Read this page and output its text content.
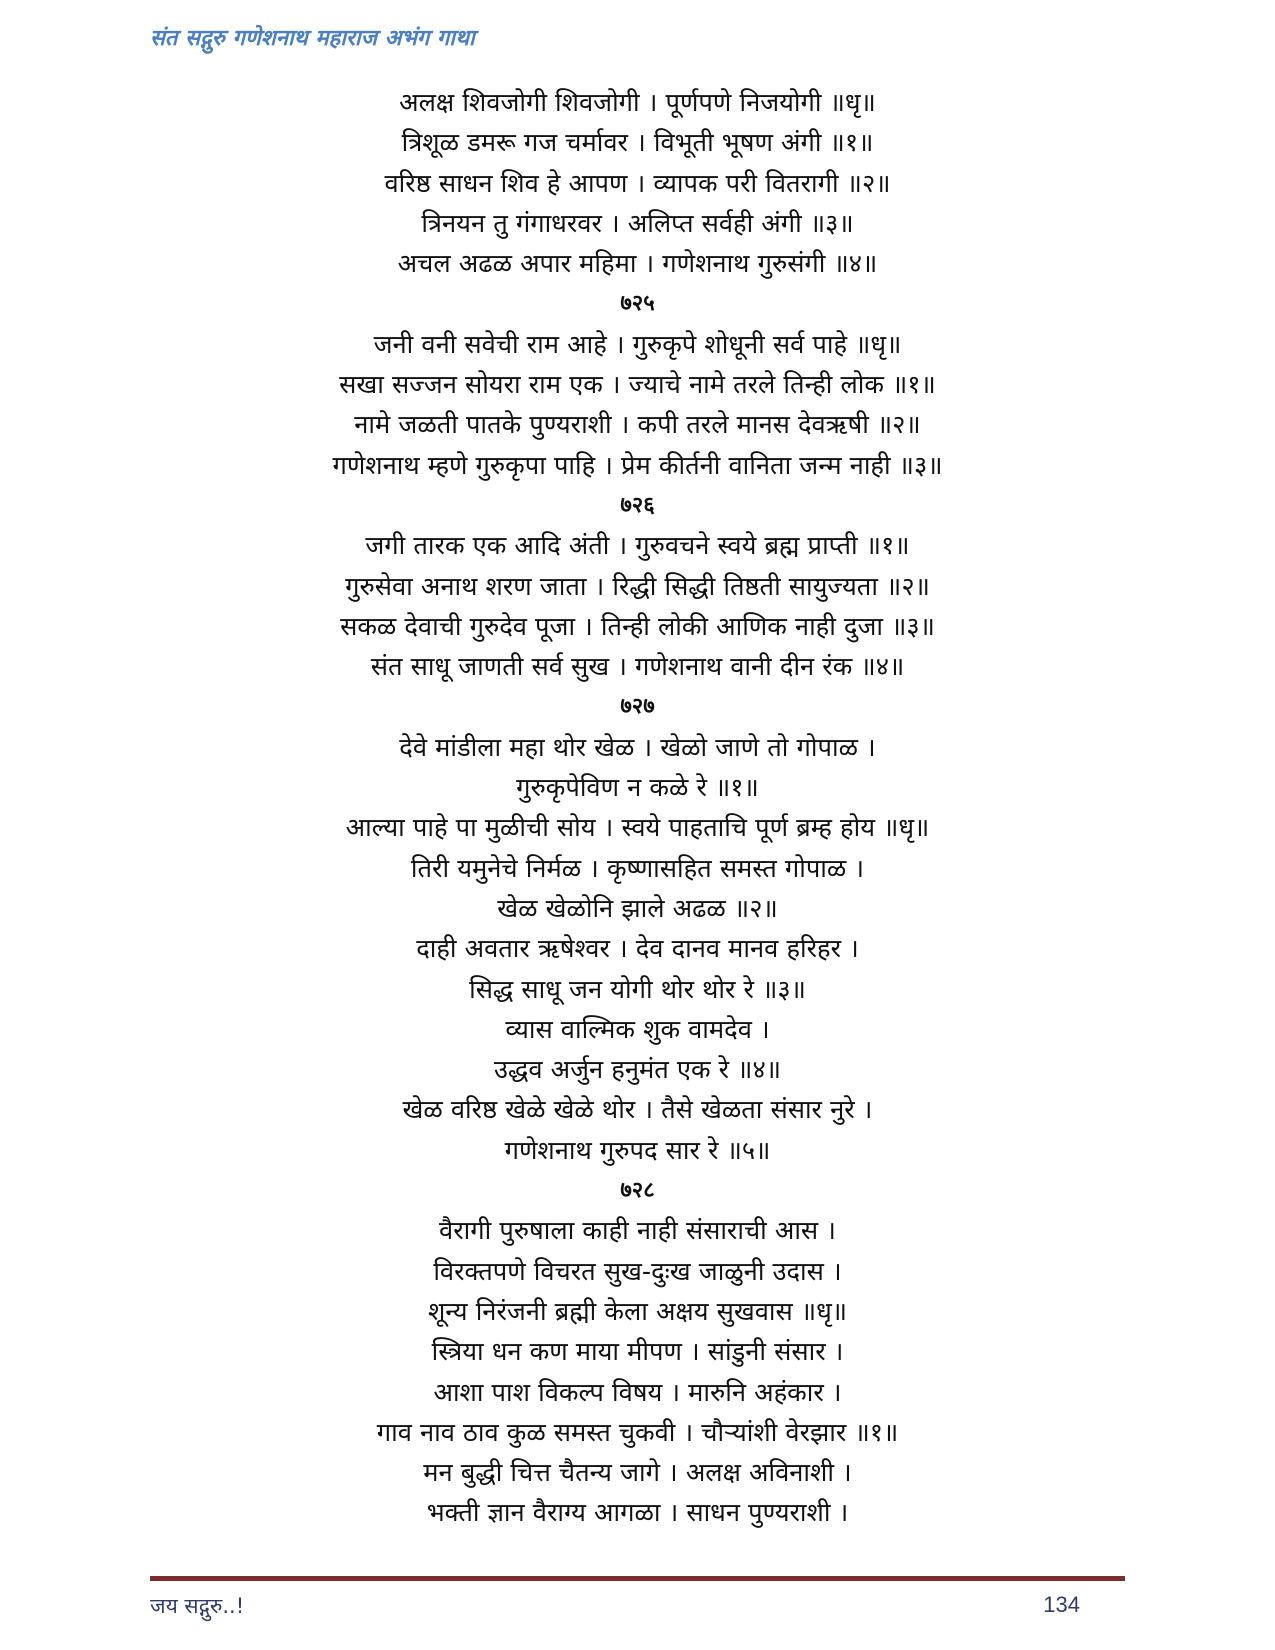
संत सद्गुरु गणेशनाथ महाराज अभंग गाथा
अलक्ष शिवजोगी शिवजोगी । पूर्णपणे निजयोगी ॥धृ॥
त्रिशूळ डमरू गज चर्मावर । विभूती भूषण अंगी ॥१॥
वरिष्ठ साधन शिव हे आपण । व्यापक परी वितरागी ॥२॥
त्रिनयन तु गंगाधरवर । अलिप्त सर्वही अंगी ॥३॥
अचल अढळ अपार महिमा । गणेशनाथ गुरुसंगी ॥४॥
७२५
जनी वनी सवेची राम आहे । गुरुकृपे शोधूनी सर्व पाहे ॥धृ॥
सखा सज्जन सोयरा राम एक । ज्याचे नामे तरले तिन्ही लोक ॥१॥
नामे जळती पातके पुण्यराशी । कपी तरले मानस देवऋषी ॥२॥
गणेशनाथ म्हणे गुरुकृपा पाहि । प्रेम कीर्तनी वानिता जन्म नाही ॥३॥
७२६
जगी तारक एक आदि अंती । गुरुवचने स्वये ब्रह्म प्राप्ती ॥१॥
गुरुसेवा अनाथ शरण जाता । रिद्धी सिद्धी तिष्ठती सायुज्यता ॥२॥
सकळ देवाची गुरुदेव पूजा । तिन्ही लोकी आणिक नाही दुजा ॥३॥
संत साधू जाणती सर्व सुख । गणेशनाथ वानी दीन रंक ॥४॥
७२७
देवे मांडीला महा थोर खेळ । खेळो जाणे तो गोपाळ ।
गुरुकृपेविण न कळे रे ॥१॥
आल्या पाहे पा मुळीची सोय । स्वये पाहताचि पूर्ण ब्रम्ह होय ॥धृ॥
तिरी यमुनेचे निर्मळ । कृष्णासहित समस्त गोपाळ ।
खेळ खेळोनि झाले अढळ ॥२॥
दाही अवतार ऋषेश्वर । देव दानव मानव हरिहर ।
सिद्ध साधू जन योगी थोर थोर रे ॥३॥
व्यास वाल्मिक शुक वामदेव ।
उद्धव अर्जुन हनुमंत एक रे ॥४॥
खेळ वरिष्ठ खेळे खेळे थोर । तैसे खेळता संसार नुरे ।
गणेशनाथ गुरुपद सार रे ॥५॥
७२८
वैरागी पुरुषाला काही नाही संसाराची आस ।
विरक्तपणे विचरत सुख-दुःख जाळुनी उदास ।
शून्य निरंजनी ब्रह्मी केला अक्षय सुखवास ॥धृ॥
स्त्रिया धन कण माया मीपण । सांडुनी संसार ।
आशा पाश विकल्प विषय । मारुनि अहंकार ।
गाव नाव ठाव कुळ समस्त चुकवी । चौऱ्यांशी वेरझार ॥१॥
मन बुद्धी चित्त चैतन्य जागे । अलक्ष अविनाशी ।
भक्ती ज्ञान वैराग्य आगळा । साधन पुण्यराशी ।
जय सद्गुरु..!	134
